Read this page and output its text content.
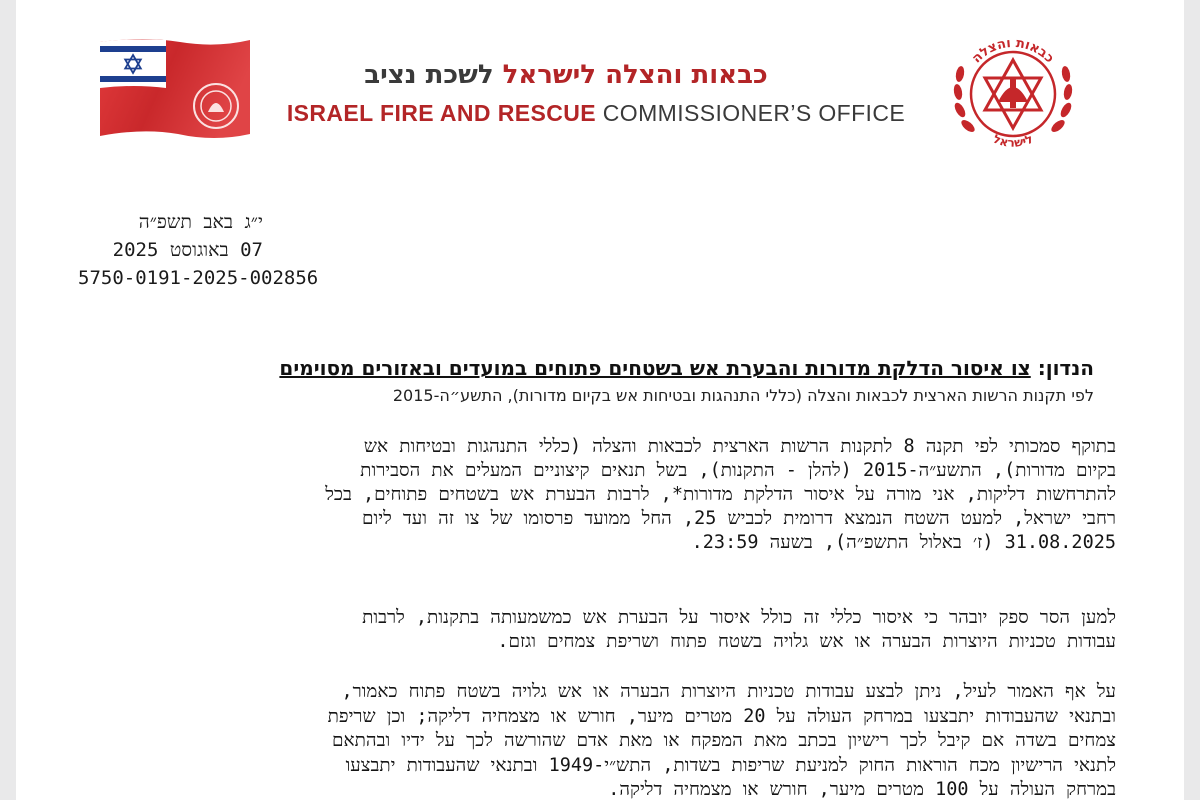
כבאות והצלה לישראל לשכת נציב
ISRAEL FIRE AND RESCUE COMMISSIONER’S OFFICE
כבאות והצלה
לישראל
י״ג באב תשפ״ה
07 באוגוסט 2025
5750-0191-2025-002856
הנדון: צו איסור הדלקת מדורות והבערת אש בשטחים פתוחים במועדים ובאזורים מסוימים
לפי תקנות הרשות הארצית לכבאות והצלה (כללי התנהגות ובטיחות אש בקיום מדורות), התשע״ה-2015
בתוקף סמכותי לפי תקנה 8 לתקנות הרשות הארצית לכבאות והצלה (כללי התנהגות ובטיחות אש
בקיום מדורות), התשע״ה-2015 (להלן - התקנות), בשל תנאים קיצוניים המעלים את הסבירות
להתרחשות דליקות, אני מורה על איסור הדלקת מדורות*, לרבות הבערת אש בשטחים פתוחים, בכל
רחבי ישראל, למעט השטח הנמצא דרומית לכביש 25, החל ממועד פרסומו של צו זה ועד ליום
31.08.2025 (ז׳ באלול התשפ״ה), בשעה 23:59.
למען הסר ספק יובהר כי איסור כללי זה כולל איסור על הבערת אש כמשמעותה בתקנות, לרבות
עבודות טכניות היוצרות הבערה או אש גלויה בשטח פתוח ושריפת צמחים וגזם.
על אף האמור לעיל, ניתן לבצע עבודות טכניות היוצרות הבערה או אש גלויה בשטח פתוח כאמור,
ובתנאי שהעבודות יתבצעו במרחק העולה על 20 מטרים מיער, חורש או מצמחיה דליקה; וכן שריפת
צמחים בשדה אם קיבל לכך רישיון בכתב מאת המפקח או מאת אדם שהורשה לכך על ידיו ובהתאם
לתנאי הרישיון מכח הוראות החוק למניעת שריפות בשדות, התש״י-1949 ובתנאי שהעבודות יתבצעו
במרחק העולה על 100 מטרים מיער, חורש או מצמחיה דליקה.
